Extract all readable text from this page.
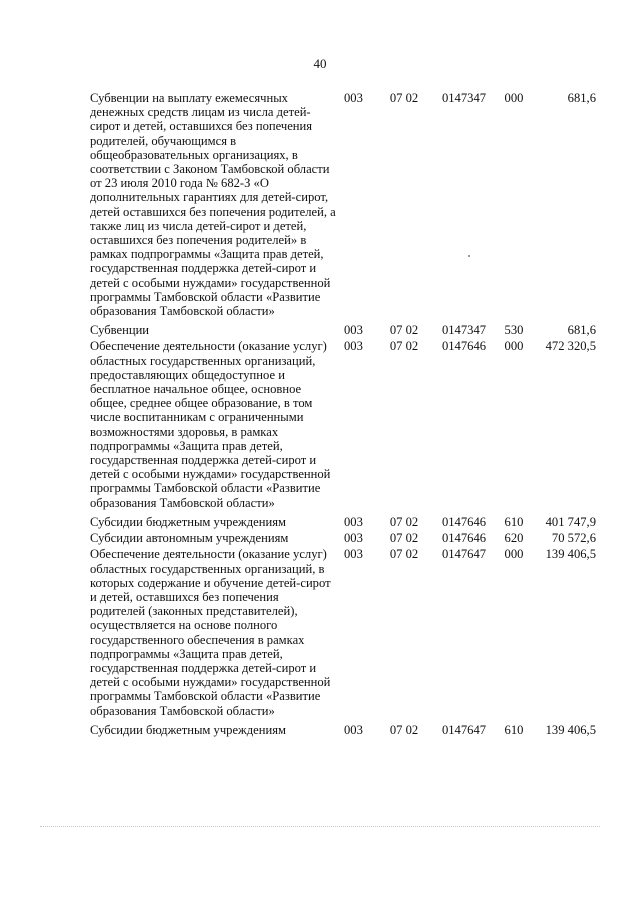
40
Субвенции на выплату ежемесячных денежных средств лицам из числа детей-сирот и детей, оставшихся без попечения родителей, обучающимся в общеобразовательных организациях, в соответствии с Законом Тамбовской области от 23 июля 2010 года № 682-З «О дополнительных гарантиях для детей-сирот, детей оставшихся без попечения родителей, а также лиц из числа детей-сирот и детей, оставшихся без попечения родителей» в рамках подпрограммы «Защита прав детей, государственная поддержка детей-сирот и детей с особыми нуждами» государственной программы Тамбовской области «Развитие образования Тамбовской области»	003	07 02	0147347	000	681,6
Субвенции	003	07 02	0147347	530	681,6
Обеспечение деятельности (оказание услуг) областных государственных организаций, предоставляющих общедоступное и бесплатное начальное общее, основное общее, среднее общее образование, в том числе воспитанникам с ограниченными возможностями здоровья, в рамках подпрограммы «Защита прав детей, государственная поддержка детей-сирот и детей с особыми нуждами» государственной программы Тамбовской области «Развитие образования Тамбовской области»	003	07 02	0147646	000	472 320,5
Субсидии бюджетным учреждениям	003	07 02	0147646	610	401 747,9
Субсидии автономным учреждениям	003	07 02	0147646	620	70 572,6
Обеспечение деятельности (оказание услуг) областных государственных организаций, в которых содержание и обучение детей-сирот и детей, оставшихся без попечения родителей (законных представителей), осуществляется на основе полного государственного обеспечения в рамках подпрограммы «Защита прав детей, государственная поддержка детей-сирот и детей с особыми нуждами» государственной программы Тамбовской области «Развитие образования Тамбовской области»	003	07 02	0147647	000	139 406,5
Субсидии бюджетным учреждениям	003	07 02	0147647	610	139 406,5
